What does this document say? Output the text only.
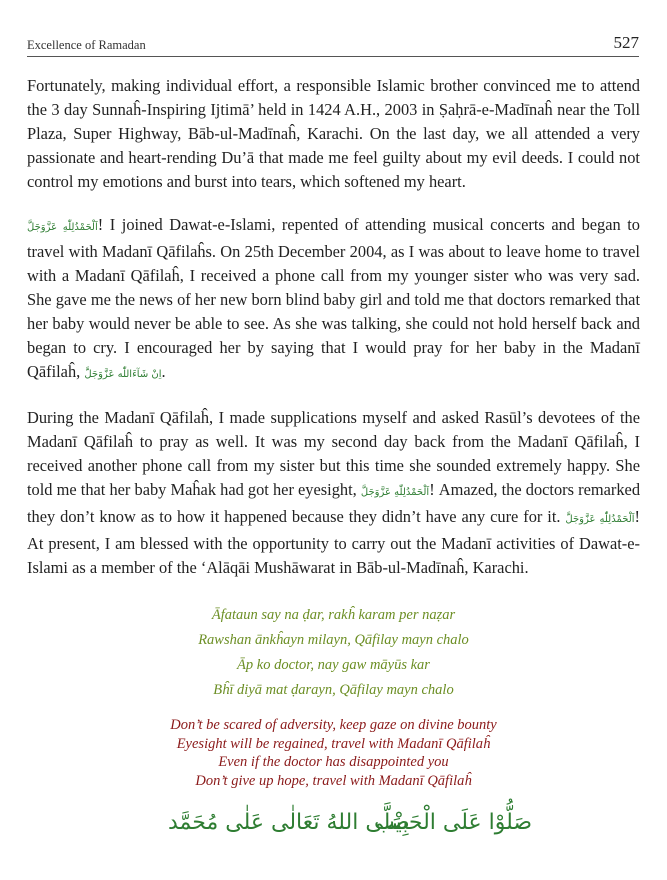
Excellence of Ramadan	527

Fortunately, making individual effort, a responsible Islamic brother convinced me to attend the 3 day Sunnaĥ-Inspiring Ijtimā’ held in 1424 A.H., 2003 in Ṣaḥrā-e-Madīnaĥ near the Toll Plaza, Super Highway, Bāb-ul-Madīnaĥ, Karachi. On the last day, we all attended a very passionate and heart-rending Du’ā that made me feel guilty about my evil deeds. I could not control my emotions and burst into tears, which softened my heart.

اَلْحَمْدُلِلّٰهِ عَزَّوَجَلَّ! I joined Dawat-e-Islami, repented of attending musical concerts and began to travel with Madanī Qāfilaĥs. On 25th December 2004, as I was about to leave home to travel with a Madanī Qāfilaĥ, I received a phone call from my younger sister who was very sad. She gave me the news of her new born blind baby girl and told me that doctors remarked that her baby would never be able to see. As she was talking, she could not hold herself back and began to cry. I encouraged her by saying that I would pray for her baby in the Madanī Qāfilaĥ, اِنْ شَآءَاللّٰه عَزَّوَجَلَّ.

During the Madanī Qāfilaĥ, I made supplications myself and asked Rasūl’s devotees of the Madanī Qāfilaĥ to pray as well. It was my second day back from the Madanī Qāfilaĥ, I received another phone call from my sister but this time she sounded extremely happy. She told me that her baby Maĥak had got her eyesight, اَلْحَمْدُلِلّٰهِ عَزَّوَجَلَّ! Amazed, the doctors remarked they don’t know as to how it happened because they didn’t have any cure for it. اَلْحَمْدُلِلّٰهِ عَزَّوَجَلَّ! At present, I am blessed with the opportunity to carry out the Madanī activities of Dawat-e-Islami as a member of the ‘Alāqāi Mushāwarat in Bāb-ul-Madīnaĥ, Karachi.

Āfataun say na ḍar, rakĥ karam per naẓar
Rawshan ānkĥayn milayn, Qāfilay mayn chalo
Āp ko doctor, nay gaw māyūs kar
Bĥī diyā mat ḍarayn, Qāfilay mayn chalo
Don’t be scared of adversity, keep gaze on divine bounty
Eyesight will be regained, travel with Madanī Qāfilaĥ
Even if the doctor has disappointed you
Don’t give up hope, travel with Madanī Qāfilaĥ
صَلُّوْا عَلَی الْحَبِیْب
صَلَّی اللهُ تَعَالٰی عَلٰی مُحَمَّد
